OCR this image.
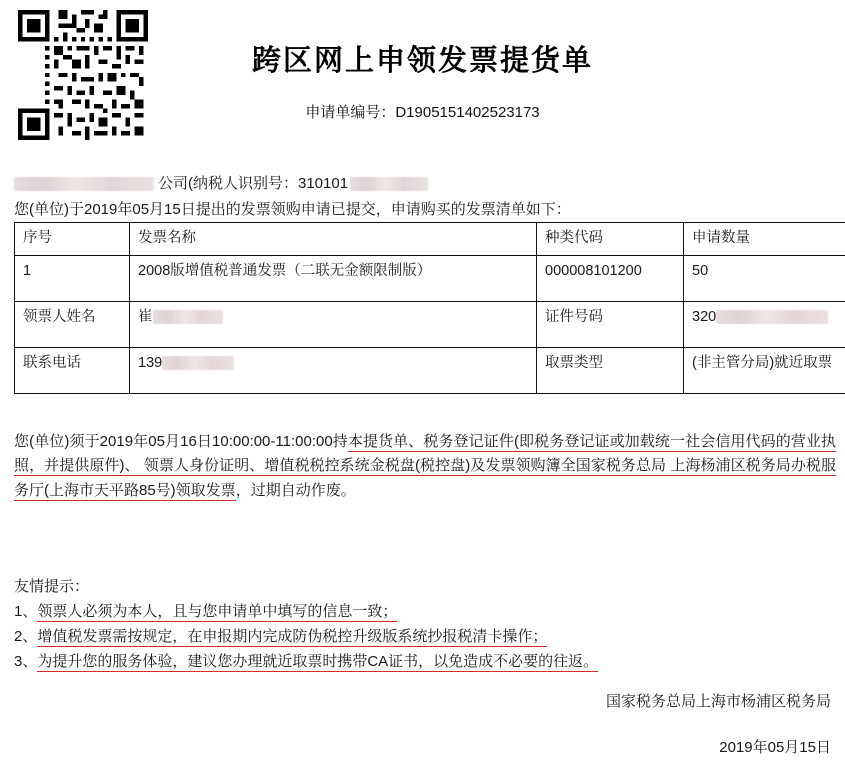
跨区网上申领发票提货单
申请单编号：D1905151402523173
公司(纳税人识别号：310101
您(单位)于2019年05月15日提出的发票领购申请已提交，申请购买的发票清单如下：
序号	发票名称	种类代码	申请数量
1	2008版增值税普通发票（二联无金额限制版）	000008101200	50
领票人姓名	崔	证件号码	320
联系电话	139	取票类型	(非主管分局)就近取票
您(单位)须于2019年05月16日10:00:00-11:00:00持本提货单、税务登记证件(即税务登记证或加载统一社会信用代码的营业执照，并提供原件)、 领票人身份证明、增值税税控系统金税盘(税控盘)及发票领购簿全国家税务总局 上海杨浦区税务局办税服务厅(上海市天平路85号)领取发票，过期自动作废。
友情提示：
1、领票人必须为本人，且与您申请单中填写的信息一致；
2、增值税发票需按规定，在申报期内完成防伪税控升级版系统抄报税清卡操作；
3、为提升您的服务体验，建议您办理就近取票时携带CA证书，以免造成不必要的往返。
国家税务总局上海市杨浦区税务局
2019年05月15日
